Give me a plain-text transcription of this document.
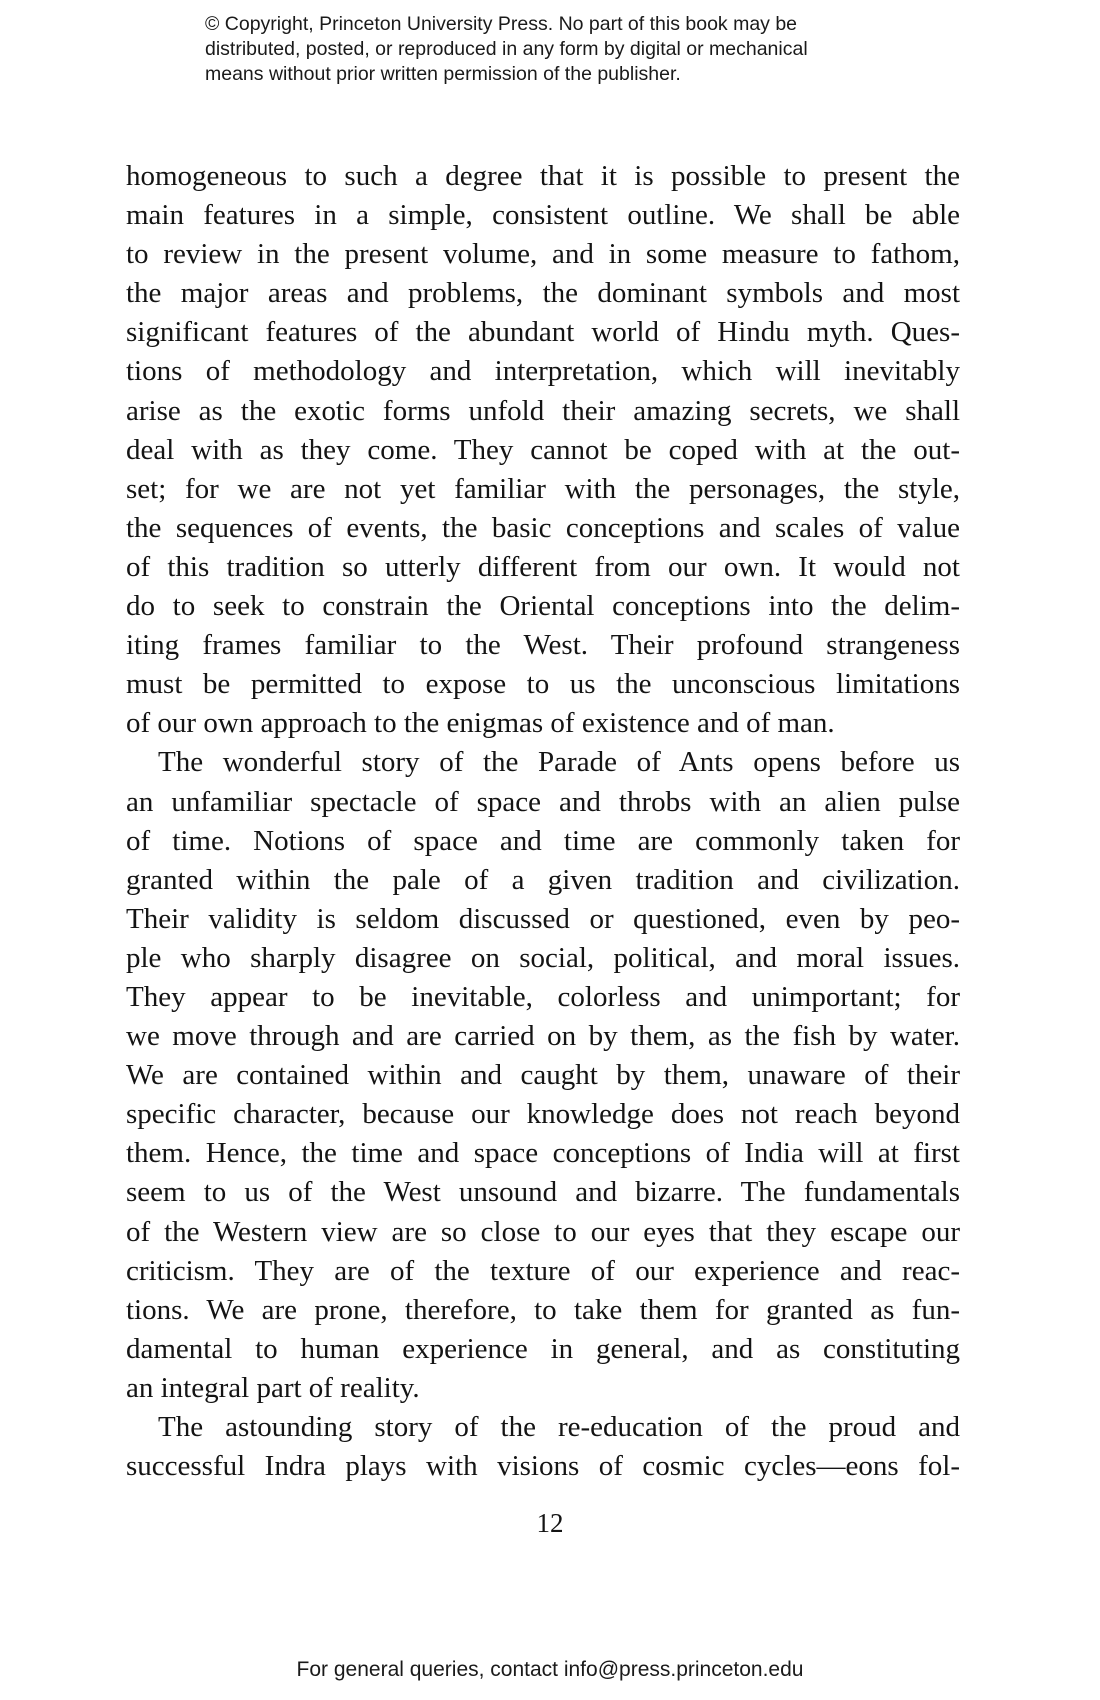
© Copyright, Princeton University Press. No part of this book may be
distributed, posted, or reproduced in any form by digital or mechanical
means without prior written permission of the publisher.
homogeneous to such a degree that it is possible to present the
main features in a simple, consistent outline. We shall be able
to review in the present volume, and in some measure to fathom,
the major areas and problems, the dominant symbols and most
significant features of the abundant world of Hindu myth. Ques-
tions of methodology and interpretation, which will inevitably
arise as the exotic forms unfold their amazing secrets, we shall
deal with as they come. They cannot be coped with at the out-
set; for we are not yet familiar with the personages, the style,
the sequences of events, the basic conceptions and scales of value
of this tradition so utterly different from our own. It would not
do to seek to constrain the Oriental conceptions into the delim-
iting frames familiar to the West. Their profound strangeness
must be permitted to expose to us the unconscious limitations
of our own approach to the enigmas of existence and of man.
The wonderful story of the Parade of Ants opens before us
an unfamiliar spectacle of space and throbs with an alien pulse
of time. Notions of space and time are commonly taken for
granted within the pale of a given tradition and civilization.
Their validity is seldom discussed or questioned, even by peo-
ple who sharply disagree on social, political, and moral issues.
They appear to be inevitable, colorless and unimportant; for
we move through and are carried on by them, as the fish by water.
We are contained within and caught by them, unaware of their
specific character, because our knowledge does not reach beyond
them. Hence, the time and space conceptions of India will at first
seem to us of the West unsound and bizarre. The fundamentals
of the Western view are so close to our eyes that they escape our
criticism. They are of the texture of our experience and reac-
tions. We are prone, therefore, to take them for granted as fun-
damental to human experience in general, and as constituting
an integral part of reality.
The astounding story of the re-education of the proud and
successful Indra plays with visions of cosmic cycles—eons fol-
12
For general queries, contact info@press.princeton.edu
